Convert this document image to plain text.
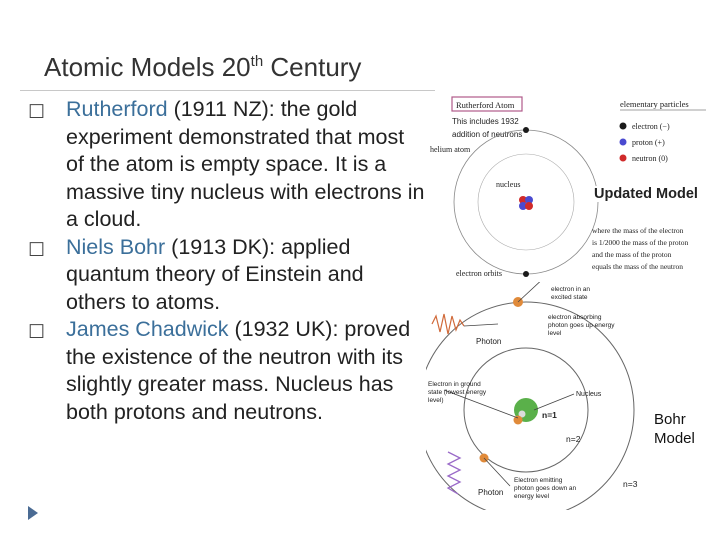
Atomic Models 20th Century
☐ Rutherford (1911 NZ): the gold experiment demonstrated that most of the atom is empty space. It is a massive tiny nucleus with electrons in a cloud.
☐ Niels Bohr (1913 DK): applied quantum theory of Einstein and others to atoms.
☐ James Chadwick (1932 UK): proved the existence of the neutron with its slightly greater mass. Nucleus has both protons and neutrons.
Rutherford Atom
This includes 1932
addition of neutrons
helium atom
nucleus
electron orbits
elementary particles
electron (−)
proton (+)
neutron (0)
where the mass of the electron
is 1/2000 the mass of the proton
and the mass of the proton
equals the mass of the neutron
Updated Model
electron in an
excited state
electron absorbing
photon goes up energy
level
Photon
Electron in ground
state (lowest energy
level)
Nucleus
n=1
n=2
n=3
Electron emitting
photon goes down an
energy level
Photon
Bohr
Model
